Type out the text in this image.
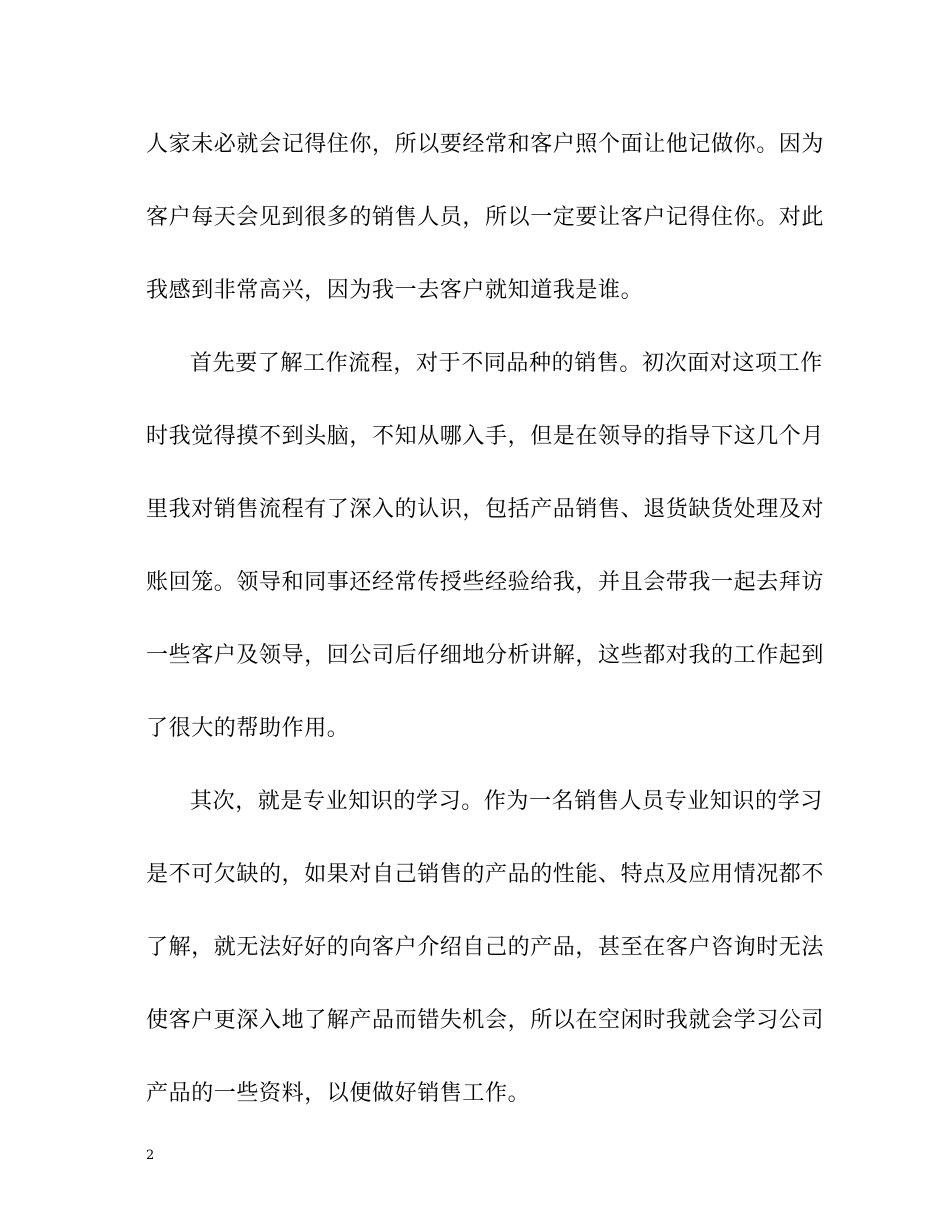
人家未必就会记得住你，所以要经常和客户照个面让他记做你。因为
客户每天会见到很多的销售人员，所以一定要让客户记得住你。对此
我感到非常高兴，因为我一去客户就知道我是谁。
首先要了解工作流程，对于不同品种的销售。初次面对这项工作
时我觉得摸不到头脑，不知从哪入手，但是在领导的指导下这几个月
里我对销售流程有了深入的认识，包括产品销售、退货缺货处理及对
账回笼。领导和同事还经常传授些经验给我，并且会带我一起去拜访
一些客户及领导，回公司后仔细地分析讲解，这些都对我的工作起到
了很大的帮助作用。
其次，就是专业知识的学习。作为一名销售人员专业知识的学习
是不可欠缺的，如果对自己销售的产品的性能、特点及应用情况都不
了解，就无法好好的向客户介绍自己的产品，甚至在客户咨询时无法
使客户更深入地了解产品而错失机会，所以在空闲时我就会学习公司
产品的一些资料，以便做好销售工作。
2
